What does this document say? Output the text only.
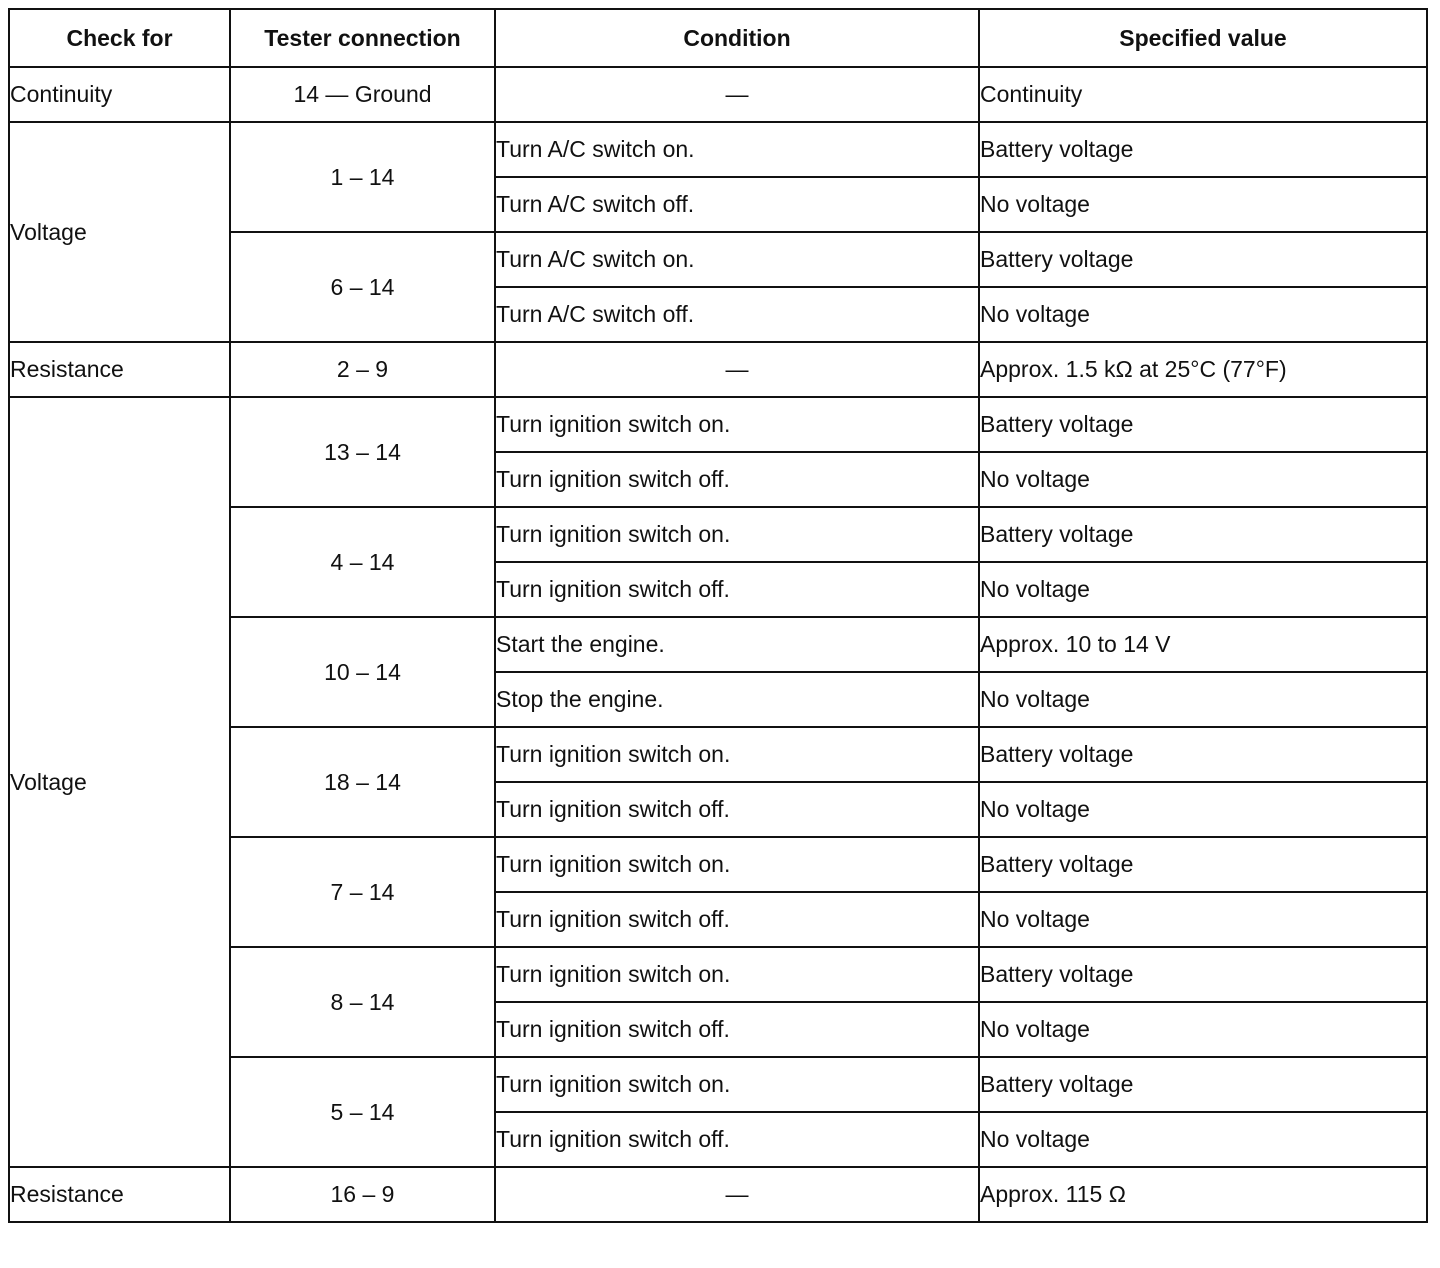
Check for	Tester connection	Condition	Specified value
Continuity	14 — Ground	—	Continuity
Voltage	1 – 14	Turn A/C switch on.	Battery voltage
		Turn A/C switch off.	No voltage
	6 – 14	Turn A/C switch on.	Battery voltage
		Turn A/C switch off.	No voltage
Resistance	2 – 9	—	Approx. 1.5 kΩ at 25°C (77°F)
Voltage	13 – 14	Turn ignition switch on.	Battery voltage
		Turn ignition switch off.	No voltage
	4 – 14	Turn ignition switch on.	Battery voltage
		Turn ignition switch off.	No voltage
	10 – 14	Start the engine.	Approx. 10 to 14 V
		Stop the engine.	No voltage
	18 – 14	Turn ignition switch on.	Battery voltage
		Turn ignition switch off.	No voltage
	7 – 14	Turn ignition switch on.	Battery voltage
		Turn ignition switch off.	No voltage
	8 – 14	Turn ignition switch on.	Battery voltage
		Turn ignition switch off.	No voltage
	5 – 14	Turn ignition switch on.	Battery voltage
		Turn ignition switch off.	No voltage
Resistance	16 – 9	—	Approx. 115 Ω
